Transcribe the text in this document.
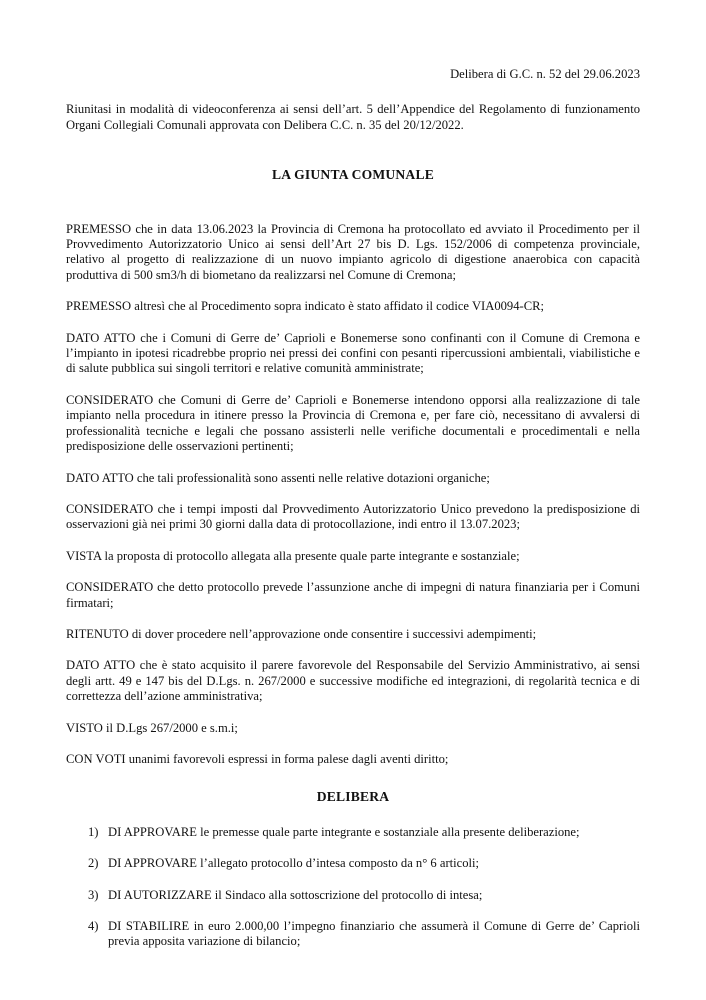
Delibera di G.C. n. 52 del 29.06.2023

Riunitasi in modalità di videoconferenza ai sensi dell’art. 5 dell’Appendice del Regolamento di funzionamento Organi Collegiali Comunali approvata con Delibera C.C. n. 35 del 20/12/2022.

LA GIUNTA COMUNALE

PREMESSO che in data 13.06.2023 la Provincia di Cremona ha protocollato ed avviato il Procedimento per il Provvedimento Autorizzatorio Unico ai sensi dell’Art 27 bis D. Lgs. 152/2006 di competenza provinciale, relativo al progetto di realizzazione di un nuovo impianto agricolo di digestione anaerobica con capacità produttiva di 500 sm3/h di biometano da realizzarsi nel Comune di Cremona;

PREMESSO altresì che al Procedimento sopra indicato è stato affidato il codice VIA0094-CR;

DATO ATTO che i Comuni di Gerre de’ Caprioli e Bonemerse sono confinanti con il Comune di Cremona e l’impianto in ipotesi ricadrebbe proprio nei pressi dei confini con pesanti ripercussioni ambientali, viabilistiche e di salute pubblica sui singoli territori e relative comunità amministrate;

CONSIDERATO che Comuni di Gerre de’ Caprioli e Bonemerse intendono opporsi alla realizzazione di tale impianto nella procedura in itinere presso la Provincia di Cremona e, per fare ciò, necessitano di avvalersi di professionalità tecniche e legali che possano assisterli nelle verifiche documentali e procedimentali e nella predisposizione delle osservazioni pertinenti;

DATO ATTO che tali professionalità sono assenti nelle relative dotazioni organiche;

CONSIDERATO che i tempi imposti dal Provvedimento Autorizzatorio Unico prevedono la predisposizione di osservazioni già nei primi 30 giorni dalla data di protocollazione, indi entro il 13.07.2023;

VISTA la proposta di protocollo allegata alla presente quale parte integrante e sostanziale;

CONSIDERATO che detto protocollo prevede l’assunzione anche di impegni di natura finanziaria per i Comuni firmatari;

RITENUTO di dover procedere nell’approvazione onde consentire i successivi adempimenti;

DATO ATTO che è stato acquisito il parere favorevole del Responsabile del Servizio Amministrativo, ai sensi degli artt. 49 e 147 bis del D.Lgs. n. 267/2000 e successive modifiche ed integrazioni, di regolarità tecnica e di correttezza dell’azione amministrativa;

VISTO il D.Lgs 267/2000 e s.m.i;

CON VOTI unanimi favorevoli espressi in forma palese dagli aventi diritto;

DELIBERA

1) DI APPROVARE le premesse quale parte integrante e sostanziale alla presente deliberazione;
2) DI APPROVARE l’allegato protocollo d’intesa composto da n° 6 articoli;
3) DI AUTORIZZARE il Sindaco alla sottoscrizione del protocollo di intesa;
4) DI STABILIRE in euro 2.000,00 l’impegno finanziario che assumerà il Comune di Gerre de’ Caprioli previa apposita variazione di bilancio;
